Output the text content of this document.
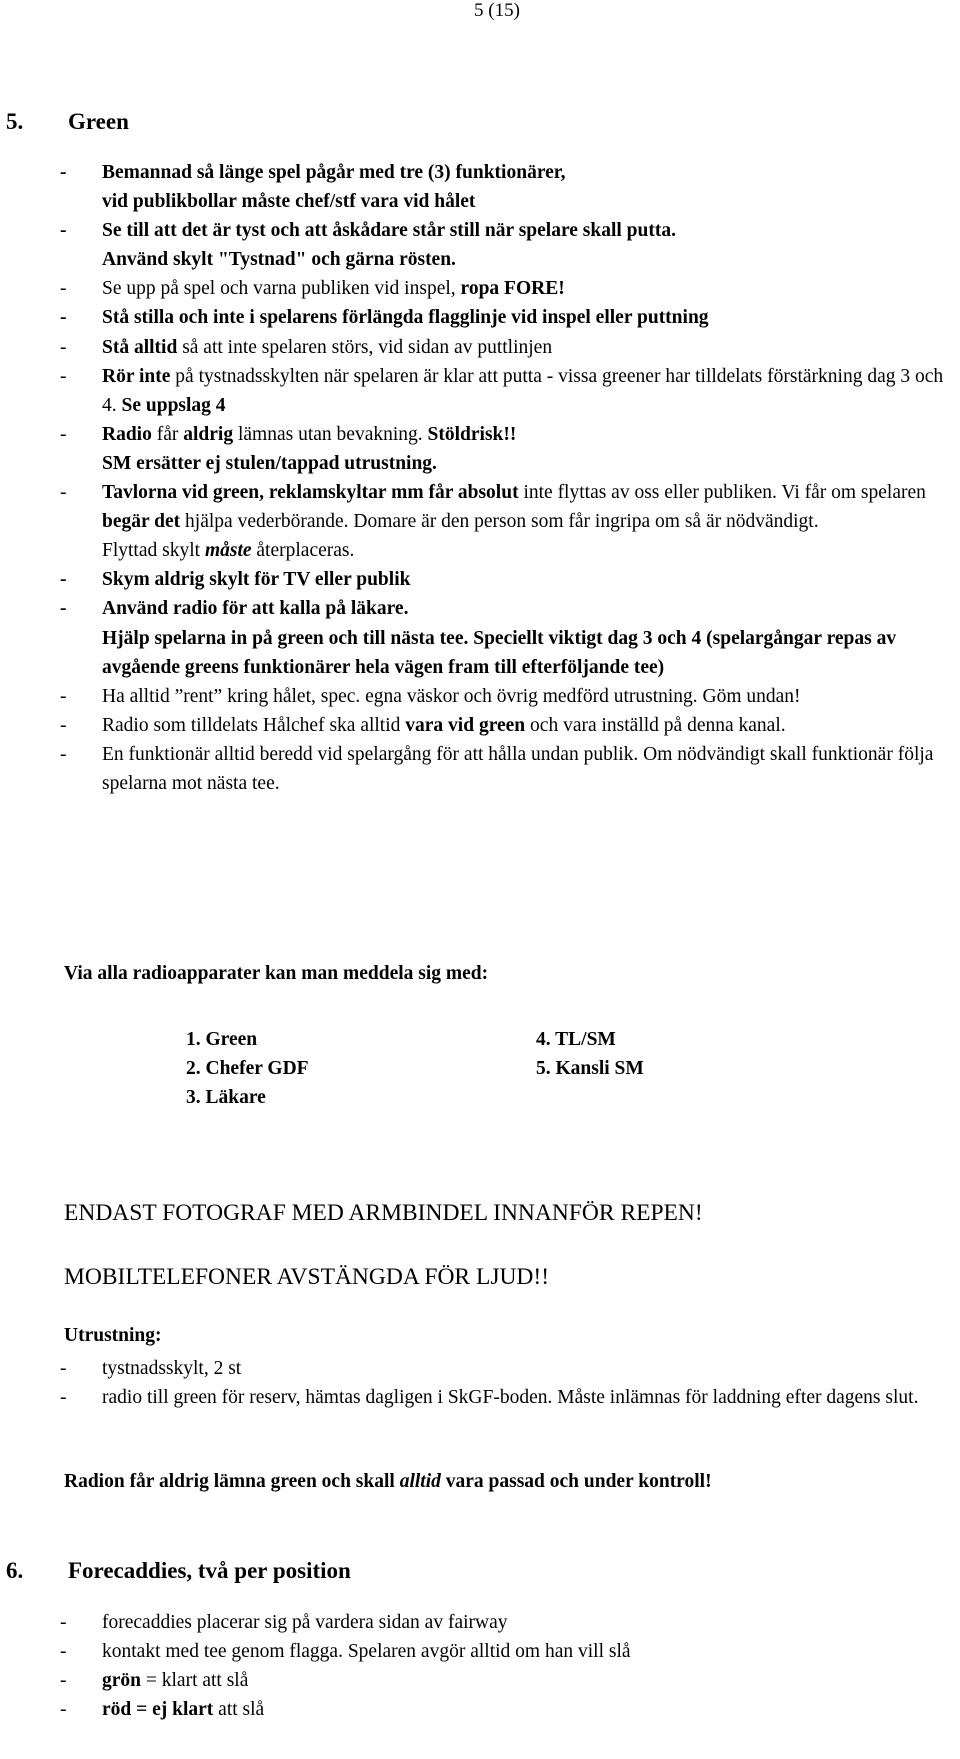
5 (15)
5. Green
- Bemannad så länge spel pågår med tre (3) funktionärer,
vid publikbollar måste chef/stf vara vid hålet
- Se till att det är tyst och att åskådare står still när spelare skall putta.
Använd skylt "Tystnad" och gärna rösten.
- Se upp på spel och varna publiken vid inspel, ropa FORE!
- Stå stilla och inte i spelarens förlängda flagglinje vid inspel eller puttning
- Stå alltid så att inte spelaren störs, vid sidan av puttlinjen
- Rör inte på tystnadsskylten när spelaren är klar att putta - vissa greener har tilldelats förstärkning dag 3 och 4. Se uppslag 4
- Radio får aldrig lämnas utan bevakning. Stöldrisk!!
SM ersätter ej stulen/tappad utrustning.
- Tavlorna vid green, reklamskyltar mm får absolut inte flyttas av oss eller publiken. Vi får om spelaren begär det hjälpa vederbörande. Domare är den person som får ingripa om så är nödvändigt.
Flyttad skylt måste återplaceras.
- Skym aldrig skylt för TV eller publik
- Använd radio för att kalla på läkare.
Hjälp spelarna in på green och till nästa tee. Speciellt viktigt dag 3 och 4 (spelargångar repas av avgående greens funktionärer hela vägen fram till efterföljande tee)
- Ha alltid ”rent” kring hålet, spec. egna väskor och övrig medförd utrustning. Göm undan!
- Radio som tilldelats Hålchef ska alltid vara vid green och vara inställd på denna kanal.
- En funktionär alltid beredd vid spelargång för att hålla undan publik. Om nödvändigt skall funktionär följa spelarna mot nästa tee.
Via alla radioapparater kan man meddela sig med:
1. Green
2. Chefer GDF
3. Läkare
4. TL/SM
5. Kansli SM
ENDAST FOTOGRAF MED ARMBINDEL INNANFÖR REPEN!
MOBILTELEFONER AVSTÄNGDA FÖR LJUD!!
Utrustning:
- tystnadsskylt, 2 st
- radio till green för reserv, hämtas dagligen i SkGF-boden. Måste inlämnas för laddning efter dagens slut.
Radion får aldrig lämna green och skall alltid vara passad och under kontroll!
6. Forecaddies, två per position
- forecaddies placerar sig på vardera sidan av fairway
- kontakt med tee genom flagga. Spelaren avgör alltid om han vill slå
- grön = klart att slå
- röd = ej klart att slå
